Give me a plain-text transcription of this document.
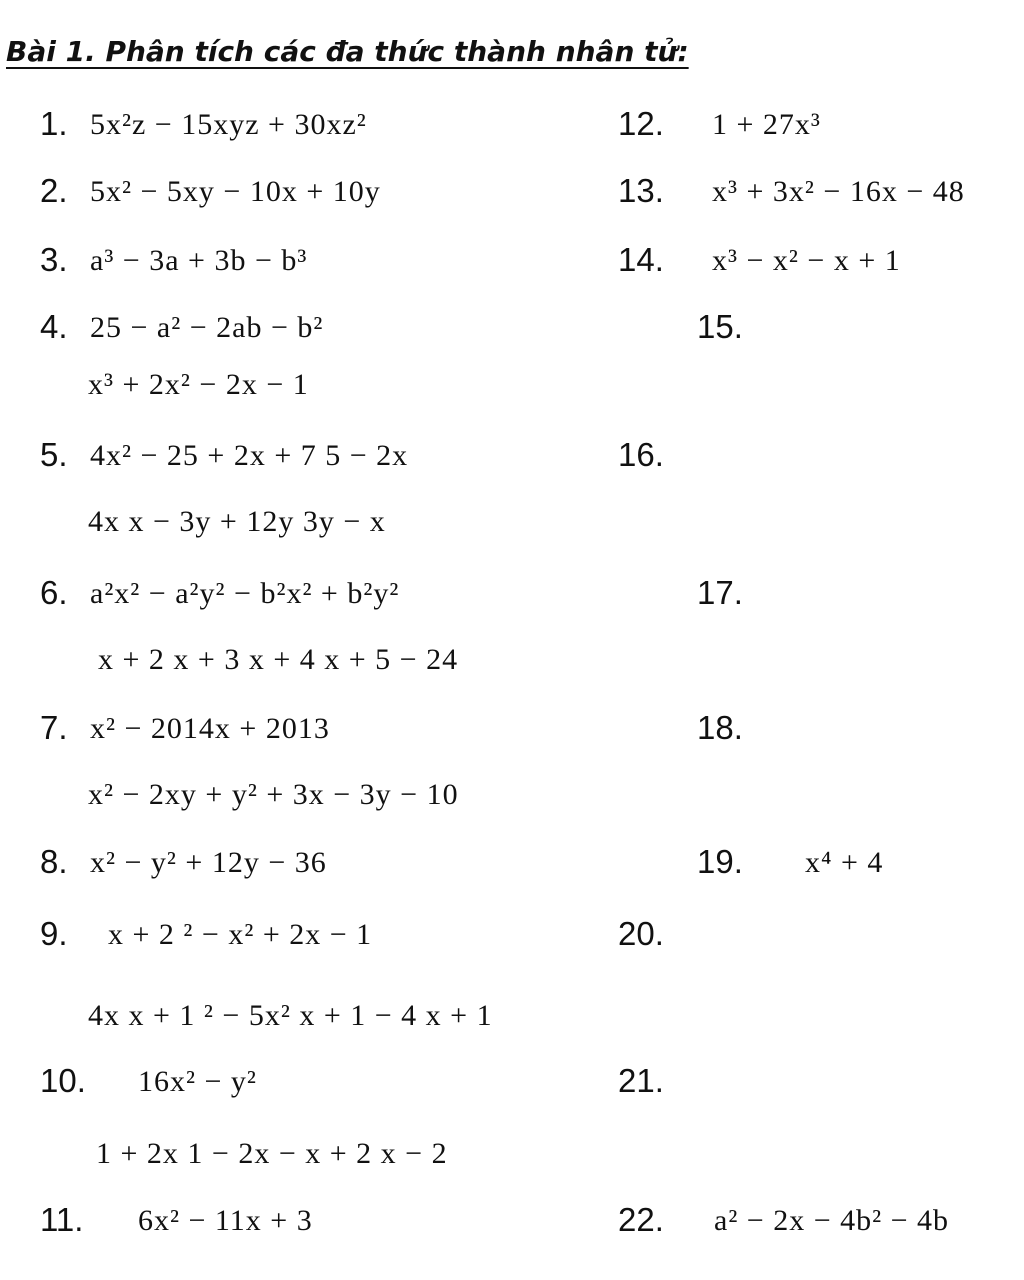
Bài 1. Phân tích các đa thức thành nhân tử:
1. 5x²z − 15xyz + 30xz²
2. 5x² − 5xy − 10x + 10y
3. a³ − 3a + 3b − b³
4. 25 − a² − 2ab − b²
5. 4x² − 25 + 2x + 7 5 − 2x
6. a²x² − a²y² − b²x² + b²y²
7. x² − 2014x + 2013
8. x² − y² + 12y − 36
9. x + 2 ² − x² + 2x − 1
10. 16x² − y²
11. 6x² − 11x + 3
12. 1 + 27x³
13. x³ + 3x² − 16x − 48
14. x³ − x² − x + 1
15.
x³ + 2x² − 2x − 1
16.
4x x − 3y + 12y 3y − x
17.
x + 2 x + 3 x + 4 x + 5 − 24
18.
x² − 2xy + y² + 3x − 3y − 10
19. x⁴ + 4
20.
4x x + 1 ² − 5x² x + 1 − 4 x + 1
21.
1 + 2x 1 − 2x − x + 2 x − 2
22. a² − 2x − 4b² − 4b
